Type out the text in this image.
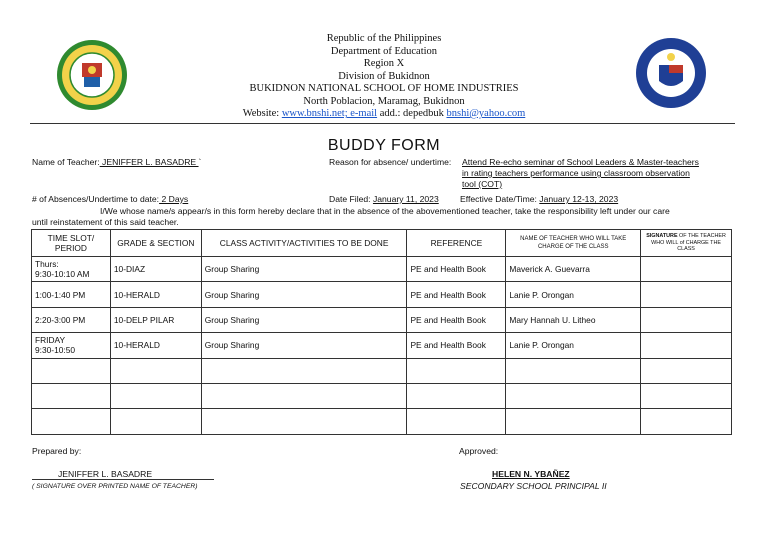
Republic of the Philippines
Department of Education
Region X
Division of Bukidnon
BUKIDNON NATIONAL SCHOOL OF HOME INDUSTRIES
North Poblacion, Maramag, Bukidnon
Website: www.bnshi.net; e-mail add.: depedbuk bnshi@yahoo.com
BUDDY FORM
Name of Teacher: JENIFFER L. BASADRE `	Reason for absence/ undertime: Attend Re-echo seminar of School Leaders & Master-teachers
in rating teachers performance using classroom observation
tool (COT)
# of Absences/Undertime to date: 2 Days	Date Filed: January 11, 2023 Effective Date/Time: January 12-13, 2023
I/We whose name/s appear/s in this form hereby declare that in the absence of the abovementioned teacher, take the responsibility left under our care
until reinstatement of this said teacher.
TIME SLOT/ PERIOD	GRADE & SECTION	CLASS ACTIVITY/ACTIVITIES TO BE DONE	REFERENCE	NAME OF TEACHER WHO WILL TAKE CHARGE OF THE CLASS	SIGNATURE OF THE TEACHER WHO WILL of CHARGE THE CLASS

Thurs:
9:30-10:10 AM	10-DIAZ	Group Sharing	PE and Health Book	Maverick A. Guevarra	

1:00-1:40 PM	10-HERALD	Group Sharing	PE and Health Book	Lanie P. Orongan	

2:20-3:00 PM	10-DELP PILAR	Group Sharing	PE and Health Book	Mary Hannah U. Litheo	

FRIDAY
9:30-10:50	10-HERALD	Group Sharing	PE and Health Book	Lanie P. Orongan	

Prepared by:
JENIFFER L. BASADRE
( SIGNATURE OVER PRINTED NAME OF TEACHER)
Approved:
HELEN N. YBAÑEZ
SECONDARY SCHOOL PRINCIPAL II
